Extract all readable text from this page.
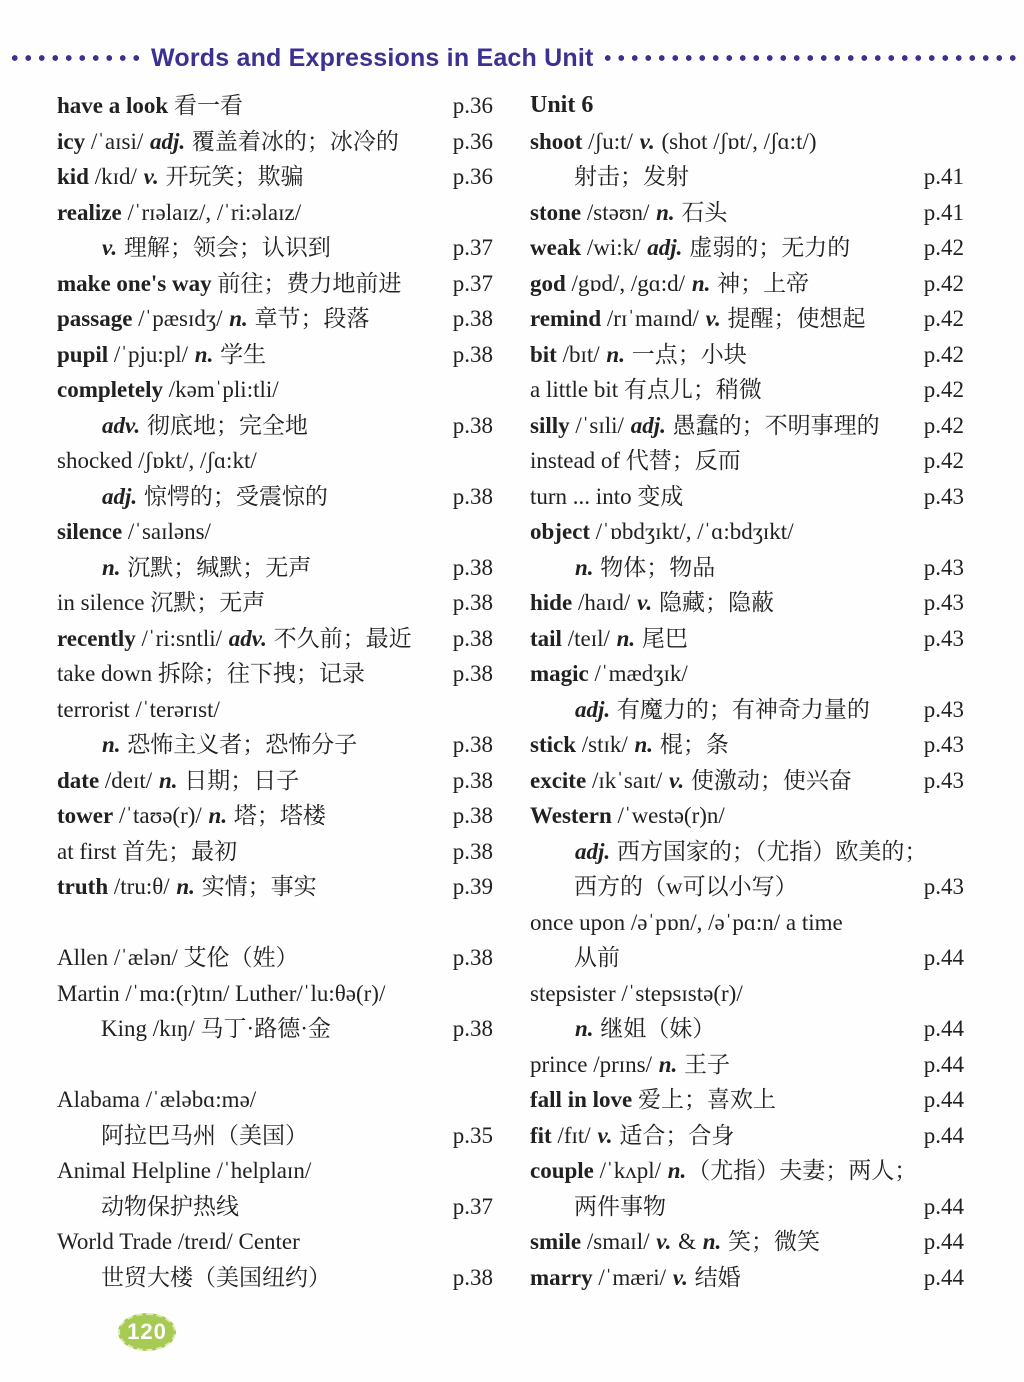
Words and Expressions in Each Unit
have a look 看一看	p.36
icy /ˈaɪsi/ adj. 覆盖着冰的；冰冷的	p.36
kid /kɪd/ v. 开玩笑；欺骗	p.36
realize /ˈrɪəlaɪz/, /ˈri:əlaɪz/
v. 理解；领会；认识到	p.37
make one's way 前往；费力地前进	p.37
passage /ˈpæsɪdʒ/ n. 章节；段落	p.38
pupil /ˈpju:pl/ n. 学生	p.38
completely /kəmˈpli:tli/
adv. 彻底地；完全地	p.38
shocked /ʃɒkt/, /ʃɑ:kt/
adj. 惊愕的；受震惊的	p.38
silence /ˈsaɪləns/
n. 沉默；缄默；无声	p.38
in silence 沉默；无声	p.38
recently /ˈri:sntli/ adv. 不久前；最近	p.38
take down 拆除；往下拽；记录	p.38
terrorist /ˈterərɪst/
n. 恐怖主义者；恐怖分子	p.38
date /deɪt/ n. 日期；日子	p.38
tower /ˈtaʊə(r)/ n. 塔；塔楼	p.38
at first 首先；最初	p.38
truth /tru:θ/ n. 实情；事实	p.39
Allen /ˈælən/ 艾伦（姓）	p.38
Martin /ˈmɑ:(r)tɪn/ Luther/ˈlu:θə(r)/
King /kɪŋ/ 马丁·路德·金	p.38
Alabama /ˈæləbɑ:mə/
阿拉巴马州（美国）	p.35
Animal Helpline /ˈhelplaɪn/
动物保护热线	p.37
World Trade /treɪd/ Center
世贸大楼（美国纽约）	p.38
Unit 6
shoot /ʃu:t/ v. (shot /ʃɒt/, /ʃɑ:t/)
射击；发射	p.41
stone /stəʊn/ n. 石头	p.41
weak /wi:k/ adj. 虚弱的；无力的	p.42
god /gɒd/, /gɑ:d/ n. 神；上帝	p.42
remind /rɪˈmaɪnd/ v. 提醒；使想起	p.42
bit /bɪt/ n. 一点；小块	p.42
a little bit 有点儿；稍微	p.42
silly /ˈsɪli/ adj. 愚蠢的；不明事理的	p.42
instead of 代替；反而	p.42
turn ... into 变成	p.43
object /ˈɒbdʒɪkt/, /ˈɑ:bdʒɪkt/
n. 物体；物品	p.43
hide /haɪd/ v. 隐藏；隐蔽	p.43
tail /teɪl/ n. 尾巴	p.43
magic /ˈmædʒɪk/
adj. 有魔力的；有神奇力量的	p.43
stick /stɪk/ n. 棍；条	p.43
excite /ɪkˈsaɪt/ v. 使激动；使兴奋	p.43
Western /ˈwestə(r)n/
adj. 西方国家的；（尤指）欧美的；
西方的（w可以小写）	p.43
once upon /əˈpɒn/, /əˈpɑ:n/ a time
从前	p.44
stepsister /ˈstepsɪstə(r)/
n. 继姐（妹）	p.44
prince /prɪns/ n. 王子	p.44
fall in love 爱上；喜欢上	p.44
fit /fɪt/ v. 适合；合身	p.44
couple /ˈkʌpl/ n.（尤指）夫妻；两人；
两件事物	p.44
smile /smaɪl/ v. & n. 笑；微笑	p.44
marry /ˈmæri/ v. 结婚	p.44
120
